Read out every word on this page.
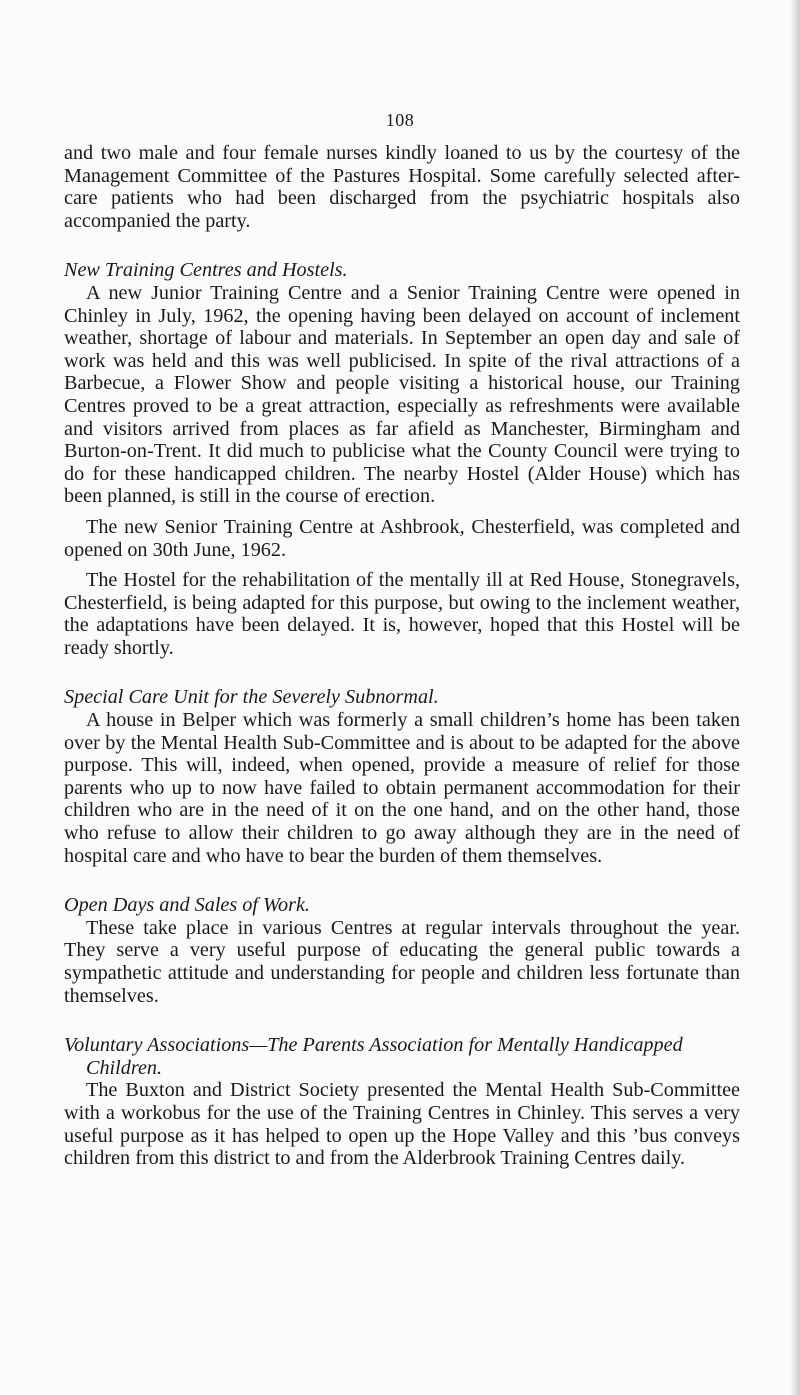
108

and two male and four female nurses kindly loaned to us by the courtesy of the Management Committee of the Pastures Hospital. Some carefully selected after-care patients who had been discharged from the psychiatric hospitals also accompanied the party.

New Training Centres and Hostels.

A new Junior Training Centre and a Senior Training Centre were opened in Chinley in July, 1962, the opening having been delayed on account of inclement weather, shortage of labour and materials. In September an open day and sale of work was held and this was well publicised. In spite of the rival attractions of a Barbecue, a Flower Show and people visiting a historical house, our Training Centres proved to be a great attraction, especially as refreshments were available and visitors arrived from places as far afield as Manchester, Birmingham and Burton-on-Trent. It did much to publicise what the County Council were trying to do for these handicapped children. The nearby Hostel (Alder House) which has been planned, is still in the course of erection.

The new Senior Training Centre at Ashbrook, Chesterfield, was completed and opened on 30th June, 1962.

The Hostel for the rehabilitation of the mentally ill at Red House, Stonegravels, Chesterfield, is being adapted for this purpose, but owing to the inclement weather, the adaptations have been delayed. It is, however, hoped that this Hostel will be ready shortly.

Special Care Unit for the Severely Subnormal.

A house in Belper which was formerly a small children’s home has been taken over by the Mental Health Sub-Committee and is about to be adapted for the above purpose. This will, indeed, when opened, provide a measure of relief for those parents who up to now have failed to obtain permanent accommodation for their children who are in the need of it on the one hand, and on the other hand, those who refuse to allow their children to go away although they are in the need of hospital care and who have to bear the burden of them themselves.

Open Days and Sales of Work.

These take place in various Centres at regular intervals throughout the year. They serve a very useful purpose of educating the general public towards a sympathetic attitude and understanding for people and children less fortunate than themselves.

Voluntary Associations—The Parents Association for Mentally Handicapped Children.

The Buxton and District Society presented the Mental Health Sub-Committee with a workobus for the use of the Training Centres in Chinley. This serves a very useful purpose as it has helped to open up the Hope Valley and this ’bus conveys children from this district to and from the Alderbrook Training Centres daily.
